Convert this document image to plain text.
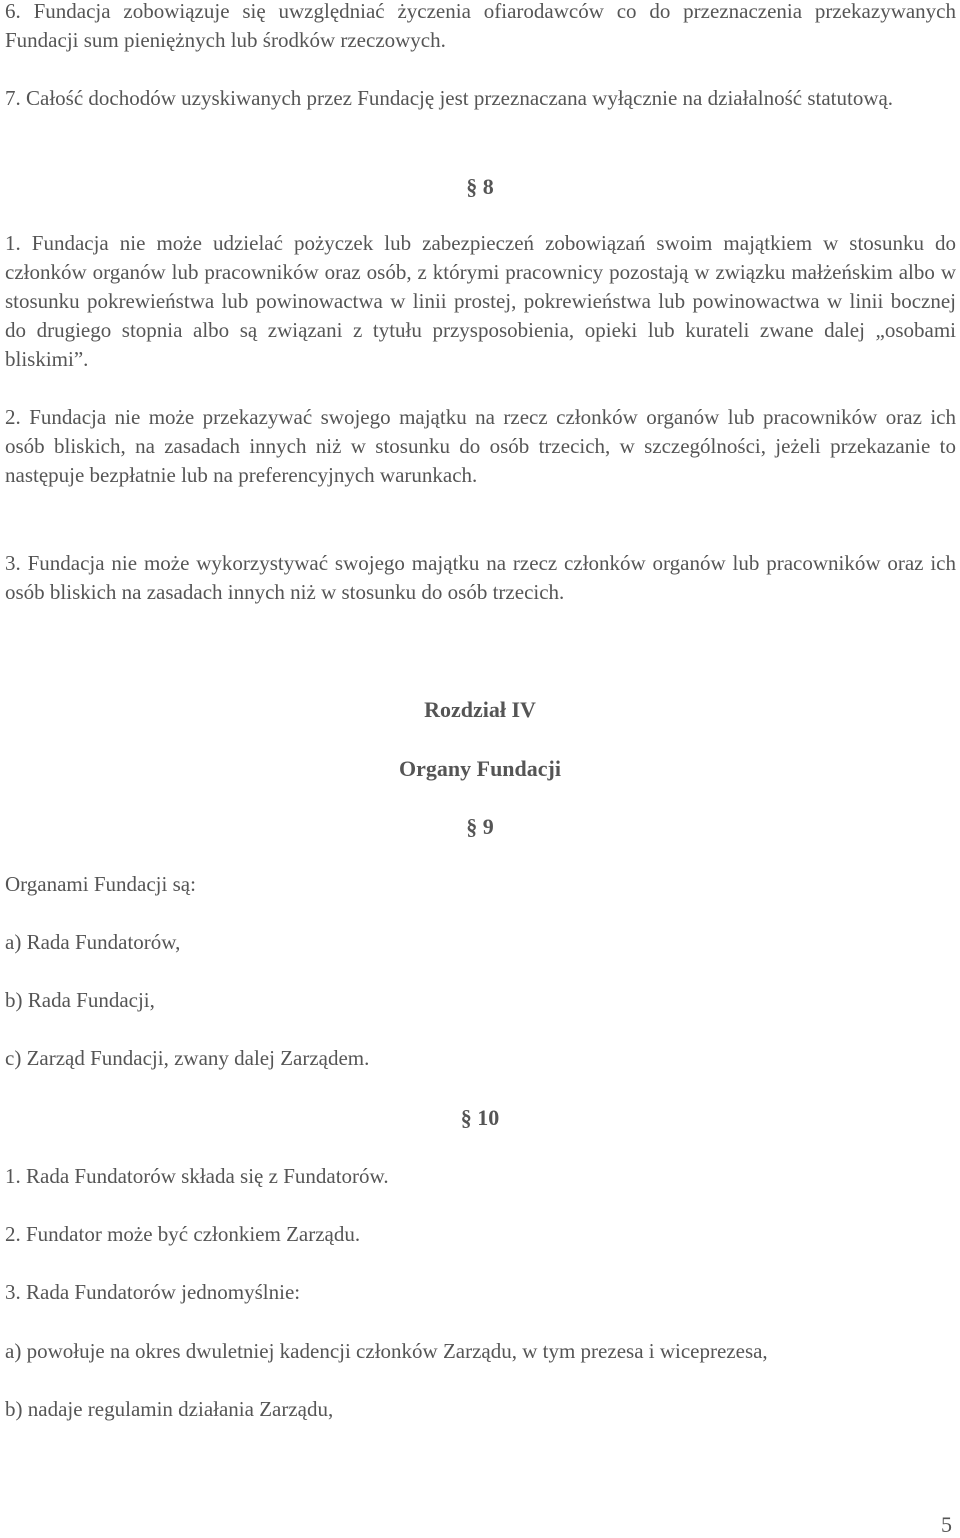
6. Fundacja zobowiązuje się uwzględniać życzenia ofiarodawców co do przeznaczenia przekazywanych Fundacji sum pieniężnych lub środków rzeczowych.

7. Całość dochodów uzyskiwanych przez Fundację jest przeznaczana wyłącznie na działalność statutową.

§ 8

1. Fundacja nie może udzielać pożyczek lub zabezpieczeń zobowiązań swoim majątkiem w stosunku do członków organów lub pracowników oraz osób, z którymi pracownicy pozostają w związku małżeńskim albo w stosunku pokrewieństwa lub powinowactwa w linii prostej, pokrewieństwa lub powinowactwa w linii bocznej do drugiego stopnia albo są związani z tytułu przysposobienia, opieki lub kurateli zwane dalej „osobami bliskimi”.

2. Fundacja nie może przekazywać swojego majątku na rzecz członków organów lub pracowników oraz ich osób bliskich, na zasadach innych niż w stosunku do osób trzecich, w szczególności, jeżeli przekazanie to następuje bezpłatnie lub na preferencyjnych warunkach.

3. Fundacja nie może wykorzystywać swojego majątku na rzecz członków organów lub pracowników oraz ich osób bliskich na zasadach innych niż w stosunku do osób trzecich.

Rozdział IV

Organy Fundacji

§ 9

Organami Fundacji są:

a) Rada Fundatorów,

b) Rada Fundacji,

c) Zarząd Fundacji, zwany dalej Zarządem.

§ 10

1. Rada Fundatorów składa się z Fundatorów.

2. Fundator może być członkiem Zarządu.

3. Rada Fundatorów jednomyślnie:

a) powołuje na okres dwuletniej kadencji członków Zarządu, w tym prezesa i wiceprezesa,

b) nadaje regulamin działania Zarządu,

5
